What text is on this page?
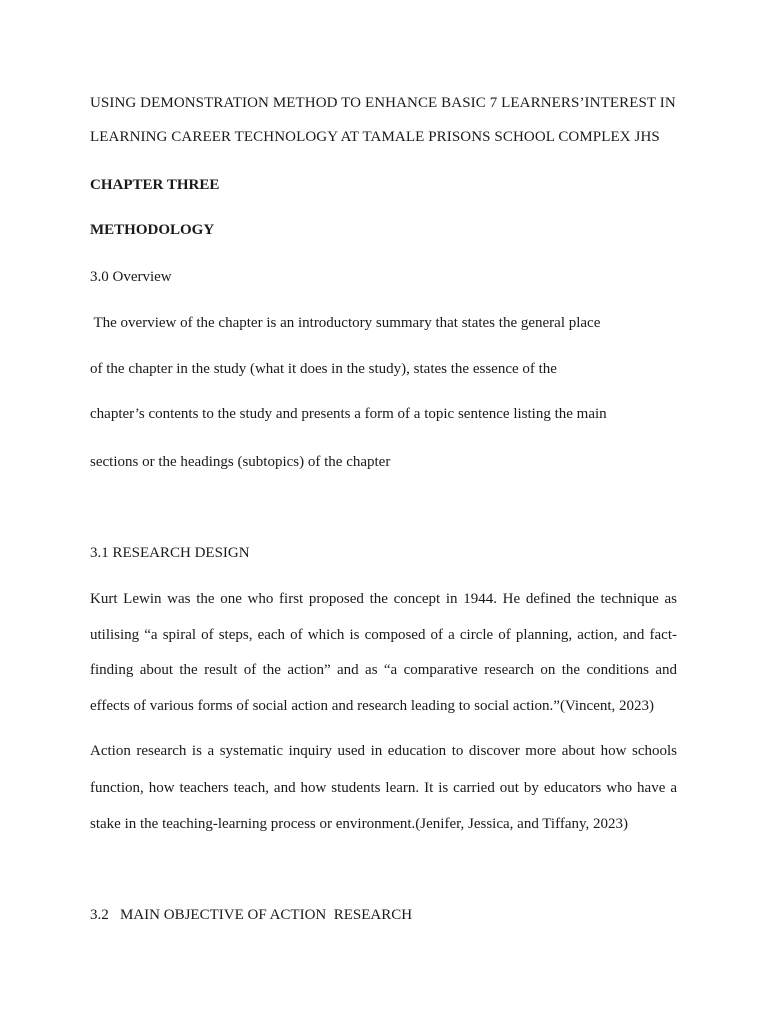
USING DEMONSTRATION METHOD TO ENHANCE BASIC 7 LEARNERS’INTEREST IN

LEARNING CAREER TECHNOLOGY AT TAMALE PRISONS SCHOOL COMPLEX JHS

CHAPTER THREE

METHODOLOGY

3.0 Overview

The overview of the chapter is an introductory summary that states the general place

of the chapter in the study (what it does in the study), states the essence of the

chapter’s contents to the study and presents a form of a topic sentence listing the main

sections or the headings (subtopics) of the chapter

3.1 RESEARCH DESIGN

Kurt Lewin was the one who first proposed the concept in 1944. He defined the technique as

utilising “a spiral of steps, each of which is composed of a circle of planning, action, and fact-

finding about the result of the action” and as “a comparative research on the conditions and

effects of various forms of social action and research leading to social action.”(Vincent, 2023)

Action research is a systematic inquiry used in education to discover more about how schools

function, how teachers teach, and how students learn. It is carried out by educators who have a

stake in the teaching-learning process or environment.(Jenifer, Jessica, and Tiffany, 2023)

3.2   MAIN OBJECTIVE OF ACTION  RESEARCH
